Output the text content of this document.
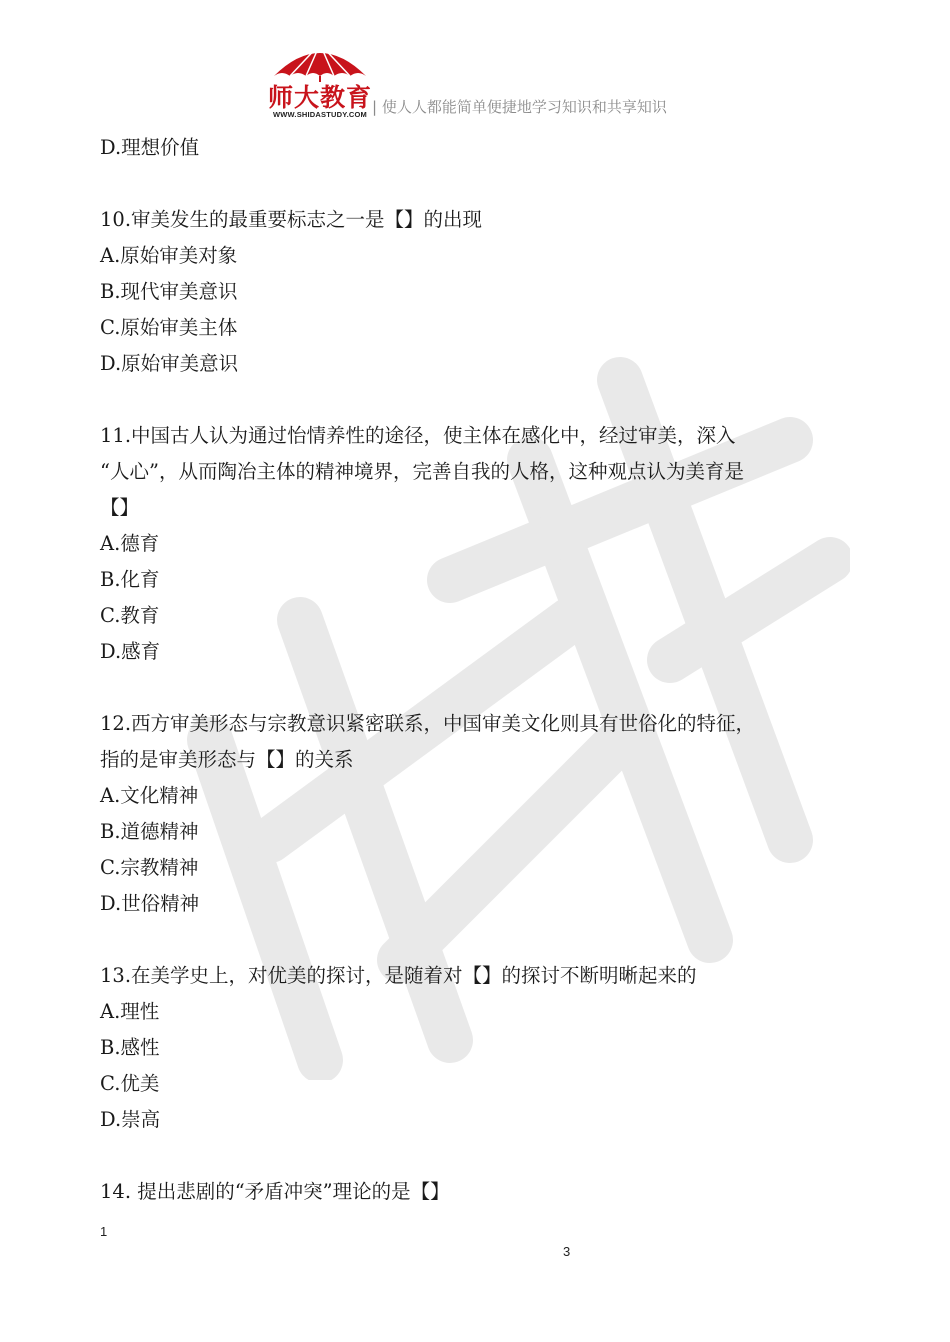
师大教育
WWW.SHIDASTUDY.COM | 使人人都能简单便捷地学习知识和共享知识
D.理想价值
10.审美发生的最重要标志之一是【】的出现
A.原始审美对象
B.现代审美意识
C.原始审美主体
D.原始审美意识
11.中国古人认为通过怡情养性的途径，使主体在感化中，经过审美，深入
“人心”，从而陶冶主体的精神境界，完善自我的人格，这种观点认为美育是
【】
A.德育
B.化育
C.教育
D.感育
12.西方审美形态与宗教意识紧密联系，中国审美文化则具有世俗化的特征，
指的是审美形态与【】的关系
A.文化精神
B.道德精神
C.宗教精神
D.世俗精神
13.在美学史上，对优美的探讨，是随着对【】的探讨不断明晰起来的
A.理性
B.感性
C.优美
D.崇高
14. 提出悲剧的“矛盾冲突”理论的是【】
1
3
